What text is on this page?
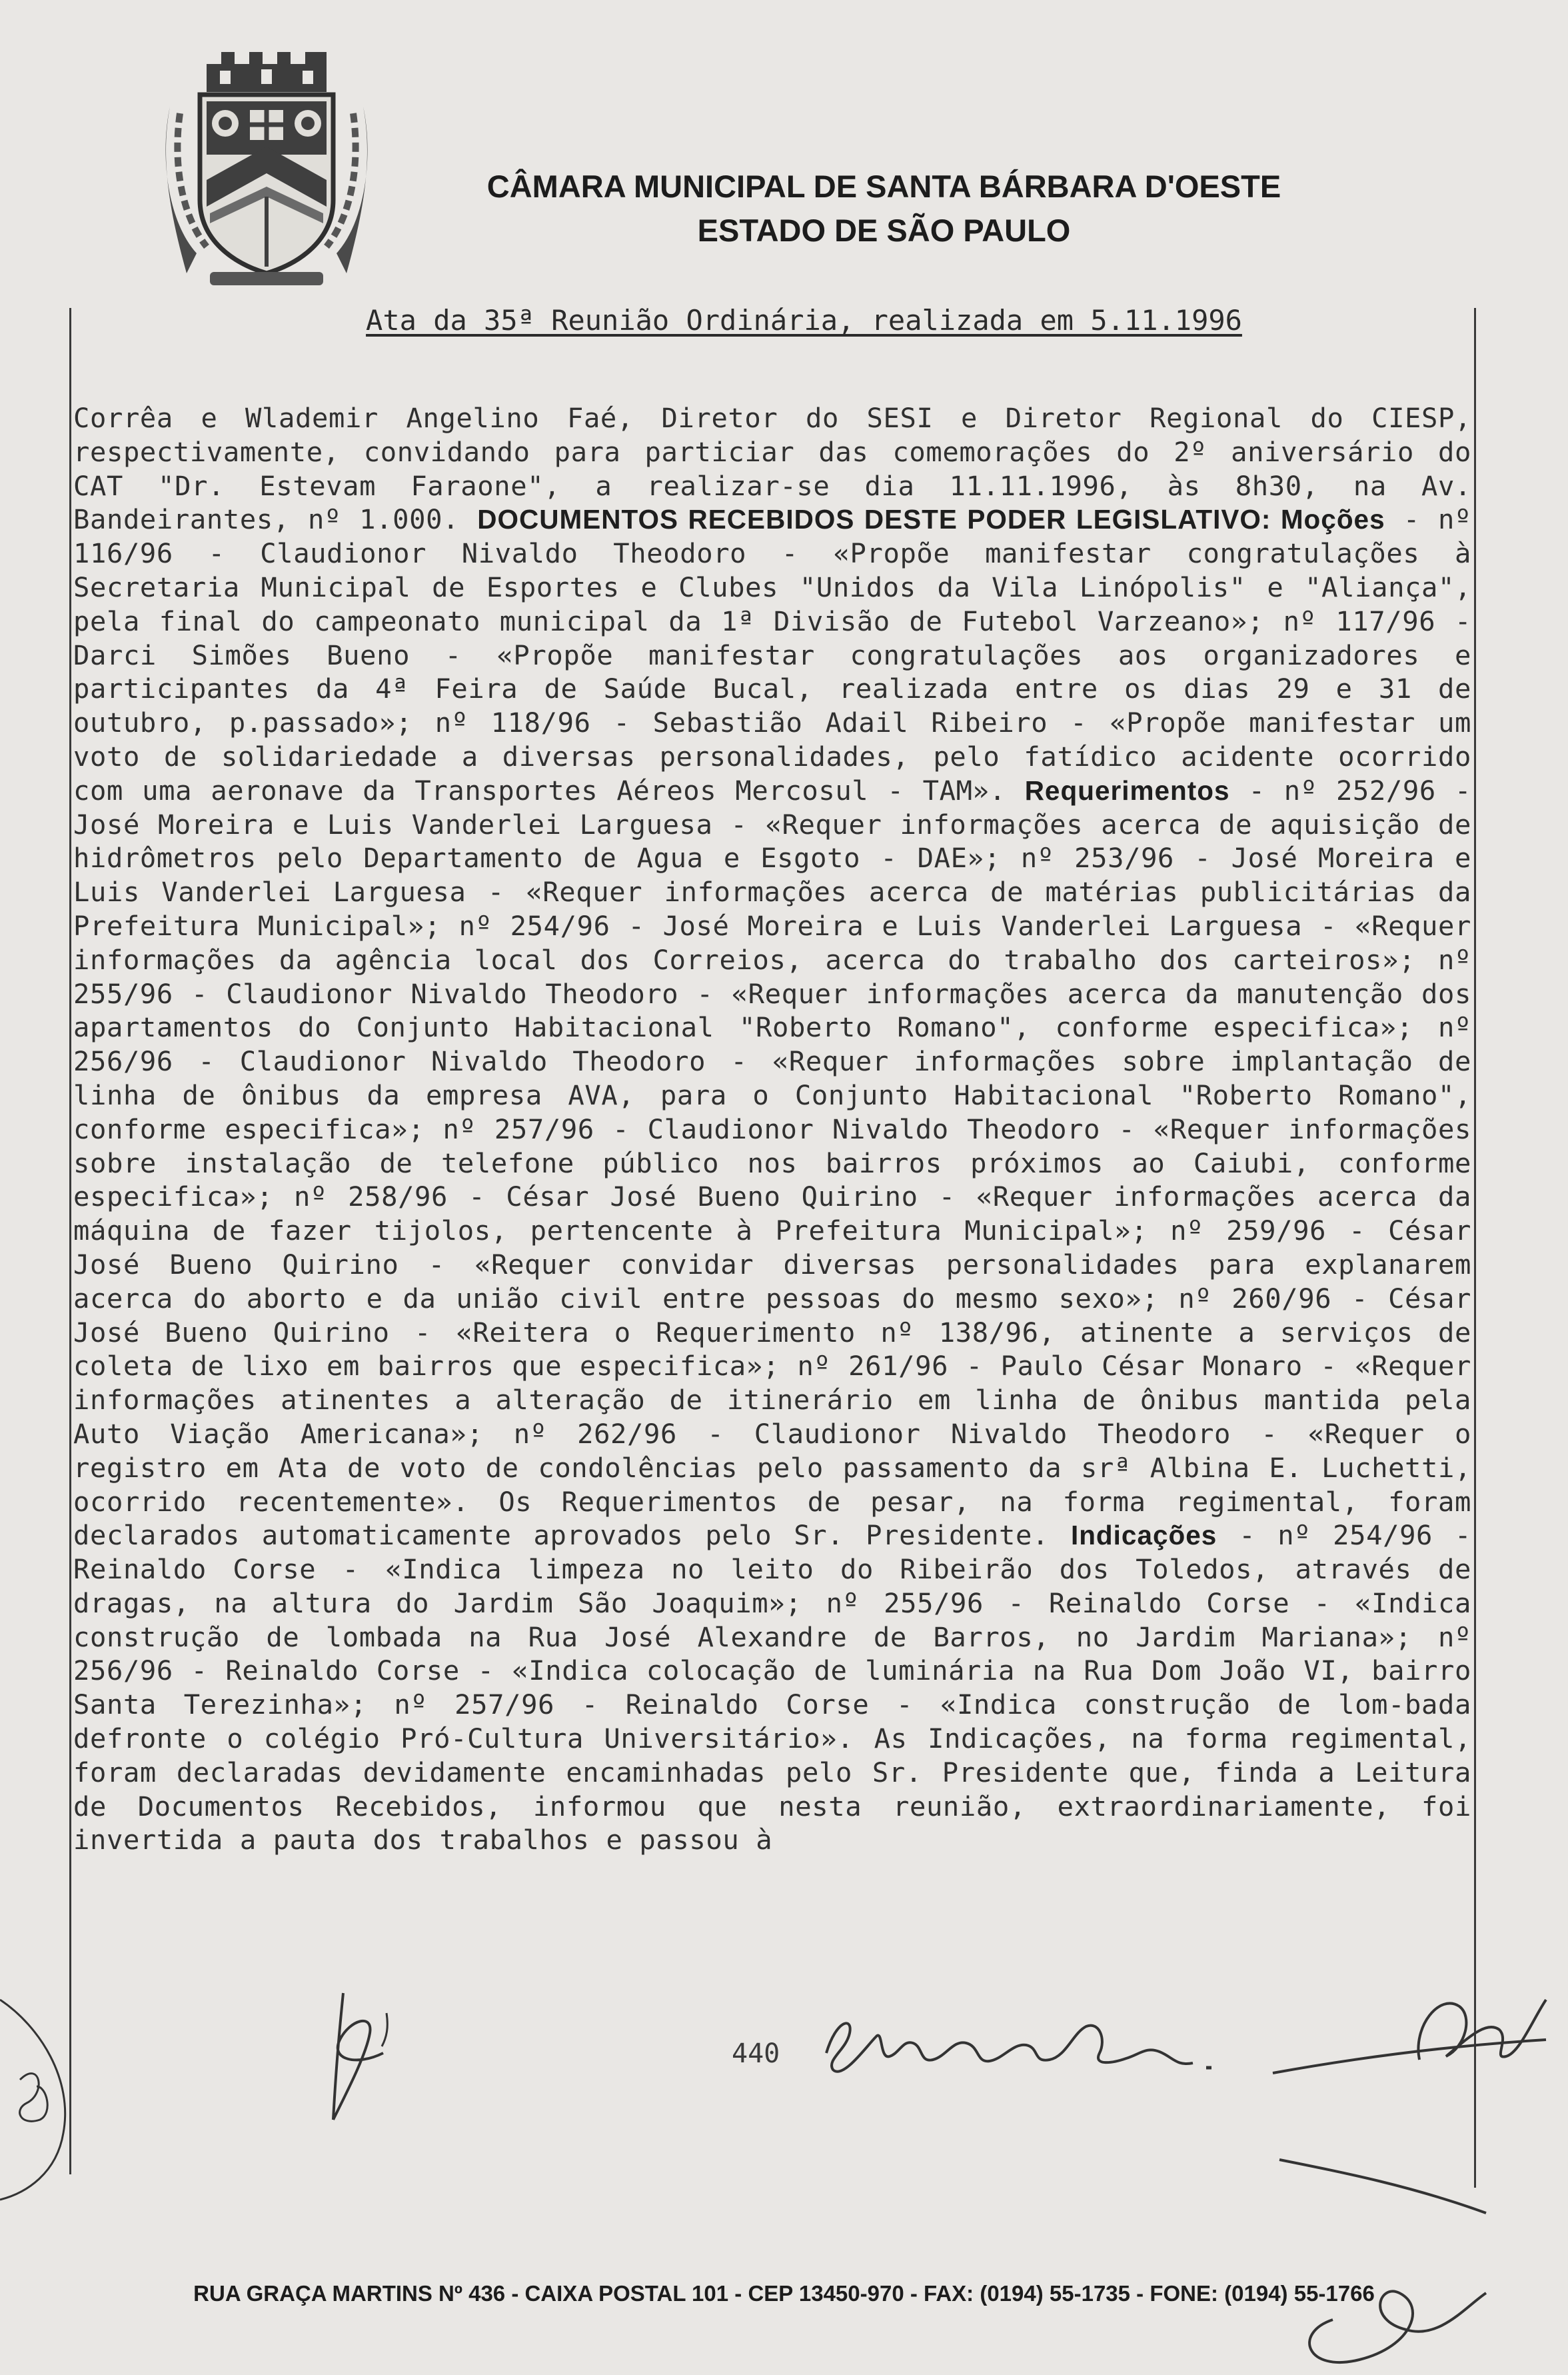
CÂMARA MUNICIPAL DE SANTA BÁRBARA D'OESTE
ESTADO DE SÃO PAULO
Ata da 35ª Reunião Ordinária, realizada em 5.11.1996
Corrêa e Wlademir Angelino Faé, Diretor do SESI e Diretor Regional do CIESP, respectivamente, convidando para particiar das comemorações do 2º aniversário do CAT "Dr. Estevam Faraone", a realizar-se dia 11.11.1996, às 8h30, na Av. Bandeirantes, nº 1.000. DOCUMENTOS RECEBIDOS DESTE PODER LEGISLATIVO: Moções - nº 116/96 - Claudionor Nivaldo Theodoro - «Propõe manifestar congratulações à Secretaria Municipal de Esportes e Clubes "Unidos da Vila Linópolis" e "Aliança", pela final do campeonato municipal da 1ª Divisão de Futebol Varzeano»; nº 117/96 - Darci Simões Bueno - «Propõe manifestar congratulações aos organizadores e participantes da 4ª Feira de Saúde Bucal, realizada entre os dias 29 e 31 de outubro, p.passado»; nº 118/96 - Sebastião Adail Ribeiro - «Propõe manifestar um voto de solidariedade a diversas personalidades, pelo fatídico acidente ocorrido com uma aeronave da Transportes Aéreos Mercosul - TAM». Requerimentos - nº 252/96 - José Moreira e Luis Vanderlei Larguesa - «Requer informações acerca de aquisição de hidrômetros pelo Departamento de Agua e Esgoto - DAE»; nº 253/96 - José Moreira e Luis Vanderlei Larguesa - «Requer informações acerca de matérias publicitárias da Prefeitura Municipal»; nº 254/96 - José Moreira e Luis Vanderlei Larguesa - «Requer informações da agência local dos Correios, acerca do trabalho dos carteiros»; nº 255/96 - Claudionor Nivaldo Theodoro - «Requer informações acerca da manutenção dos apartamentos do Conjunto Habitacional "Roberto Romano", conforme especifica»; nº 256/96 - Claudionor Nivaldo Theodoro - «Requer informações sobre implantação de linha de ônibus da empresa AVA, para o Conjunto Habitacional "Roberto Romano", conforme especifica»; nº 257/96 - Claudionor Nivaldo Theodoro - «Requer informações sobre instalação de telefone público nos bairros próximos ao Caiubi, conforme especifica»; nº 258/96 - César José Bueno Quirino - «Requer informações acerca da máquina de fazer tijolos, pertencente à Prefeitura Municipal»; nº 259/96 - César José Bueno Quirino - «Requer convidar diversas personalidades para explanarem acerca do aborto e da união civil entre pessoas do mesmo sexo»; nº 260/96 - César José Bueno Quirino - «Reitera o Requerimento nº 138/96, atinente a serviços de coleta de lixo em bairros que especifica»; nº 261/96 - Paulo César Monaro - «Requer informações atinentes a alteração de itinerário em linha de ônibus mantida pela Auto Viação Americana»; nº 262/96 - Claudionor Nivaldo Theodoro - «Requer o registro em Ata de voto de condolências pelo passamento da srª Albina E. Luchetti, ocorrido recentemente». Os Requerimentos de pesar, na forma regimental, foram declarados automaticamente aprovados pelo Sr. Presidente. Indicações - nº 254/96 - Reinaldo Corse - «Indica limpeza no leito do Ribeirão dos Toledos, através de dragas, na altura do Jardim São Joaquim»; nº 255/96 - Reinaldo Corse - «Indica construção de lombada na Rua José Alexandre de Barros, no Jardim Mariana»; nº 256/96 - Reinaldo Corse - «Indica colocação de luminária na Rua Dom João VI, bairro Santa Terezinha»; nº 257/96 - Reinaldo Corse - «Indica construção de lom-bada defronte o colégio Pró-Cultura Universitário». As Indicações, na forma regimental, foram declaradas devidamente encaminhadas pelo Sr. Presidente que, finda a Leitura de Documentos Recebidos, informou que nesta reunião, extraordinariamente, foi invertida a pauta dos trabalhos e passou à
440
RUA GRAÇA MARTINS Nº 436 - CAIXA POSTAL 101 - CEP 13450-970 - FAX: (0194) 55-1735 - FONE: (0194) 55-1766
